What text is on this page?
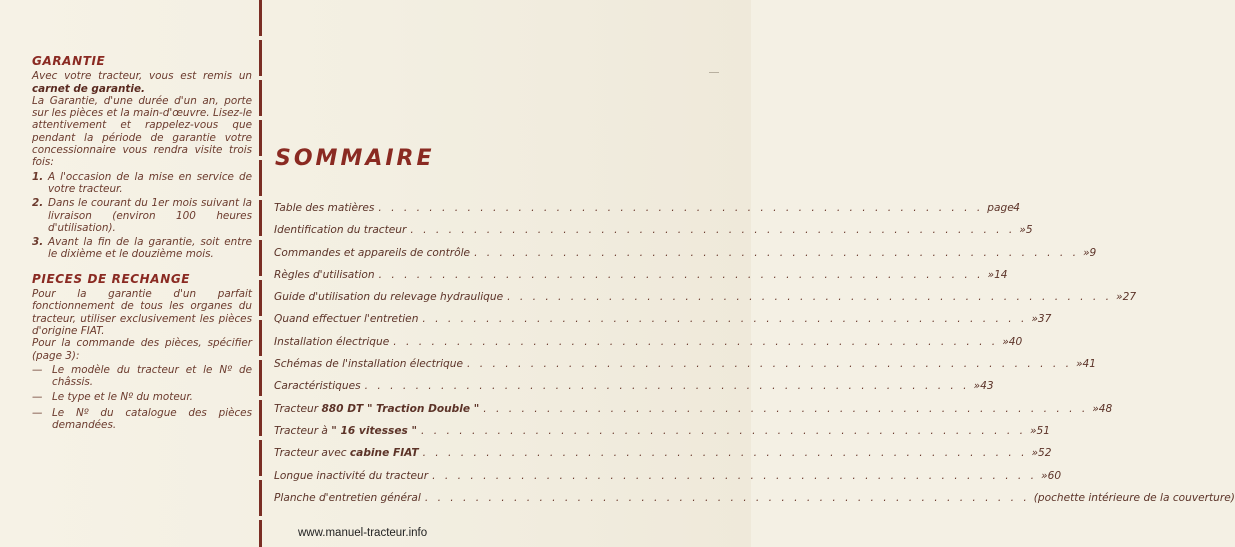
GARANTIE

Avec votre tracteur, vous est remis un carnet de garantie.

La Garantie, d'une durée d'un an, porte sur les pièces et la main-d'œuvre. Lisez-le attentivement et rappelez-vous que pendant la période de garantie votre concessionnaire vous rendra visite trois fois:

1. A l'occasion de la mise en service de votre tracteur.
2. Dans le courant du 1er mois suivant la livraison (environ 100 heures d'utilisation).
3. Avant la fin de la garantie, soit entre le dixième et le douzième mois.
PIECES DE RECHANGE

Pour la garantie d'un parfait fonctionnement de tous les organes du tracteur, utiliser exclusivement les pièces d'origine FIAT.

Pour la commande des pièces, spécifier (page 3):

— Le modèle du tracteur et le Nº de châssis.
— Le type et le Nº du moteur.
— Le Nº du catalogue des pièces demandées.
SOMMAIRE
Table des matières . . . . . . . . . . . . . . . . . . . . . . . . . . . . . . . . . . . . . . . . . . . . . . . . page 4
Identification du tracteur . . . . . . . . . . . . . . . . . . . . . . . . . . . . . . . . . . . . . . . . . . . . . . . . » 5
Commandes et appareils de contrôle . . . . . . . . . . . . . . . . . . . . . . . . . . . . . . . . . . . . . . . . . . . . . . . . » 9
Règles d'utilisation . . . . . . . . . . . . . . . . . . . . . . . . . . . . . . . . . . . . . . . . . . . . . . . . » 14
Guide d'utilisation du relevage hydraulique . . . . . . . . . . . . . . . . . . . . . . . . . . . . . . . . . . . . . . . . . . . . . . . . » 27
Quand effectuer l'entretien . . . . . . . . . . . . . . . . . . . . . . . . . . . . . . . . . . . . . . . . . . . . . . . . » 37
Installation électrique . . . . . . . . . . . . . . . . . . . . . . . . . . . . . . . . . . . . . . . . . . . . . . . . » 40
Schémas de l'installation électrique . . . . . . . . . . . . . . . . . . . . . . . . . . . . . . . . . . . . . . . . . . . . . . . . » 41
Caractéristiques . . . . . . . . . . . . . . . . . . . . . . . . . . . . . . . . . . . . . . . . . . . . . . . . » 43
Tracteur 880 DT " Traction Double " . . . . . . . . . . . . . . . . . . . . . . . . . . . . . . . . . . . . . . . . . . . . . . . . » 48
Tracteur à " 16 vitesses " . . . . . . . . . . . . . . . . . . . . . . . . . . . . . . . . . . . . . . . . . . . . . . . . » 51
Tracteur avec cabine FIAT . . . . . . . . . . . . . . . . . . . . . . . . . . . . . . . . . . . . . . . . . . . . . . . . » 52
Longue inactivité du tracteur . . . . . . . . . . . . . . . . . . . . . . . . . . . . . . . . . . . . . . . . . . . . . . . . » 60
Planche d'entretien général . . . . . . . . . . . . . . . . . . . . . . . . . . . . . . . . . . . . . . . . . . . . . . . . (pochette intérieure de la couverture)
www.manuel-tracteur.info
